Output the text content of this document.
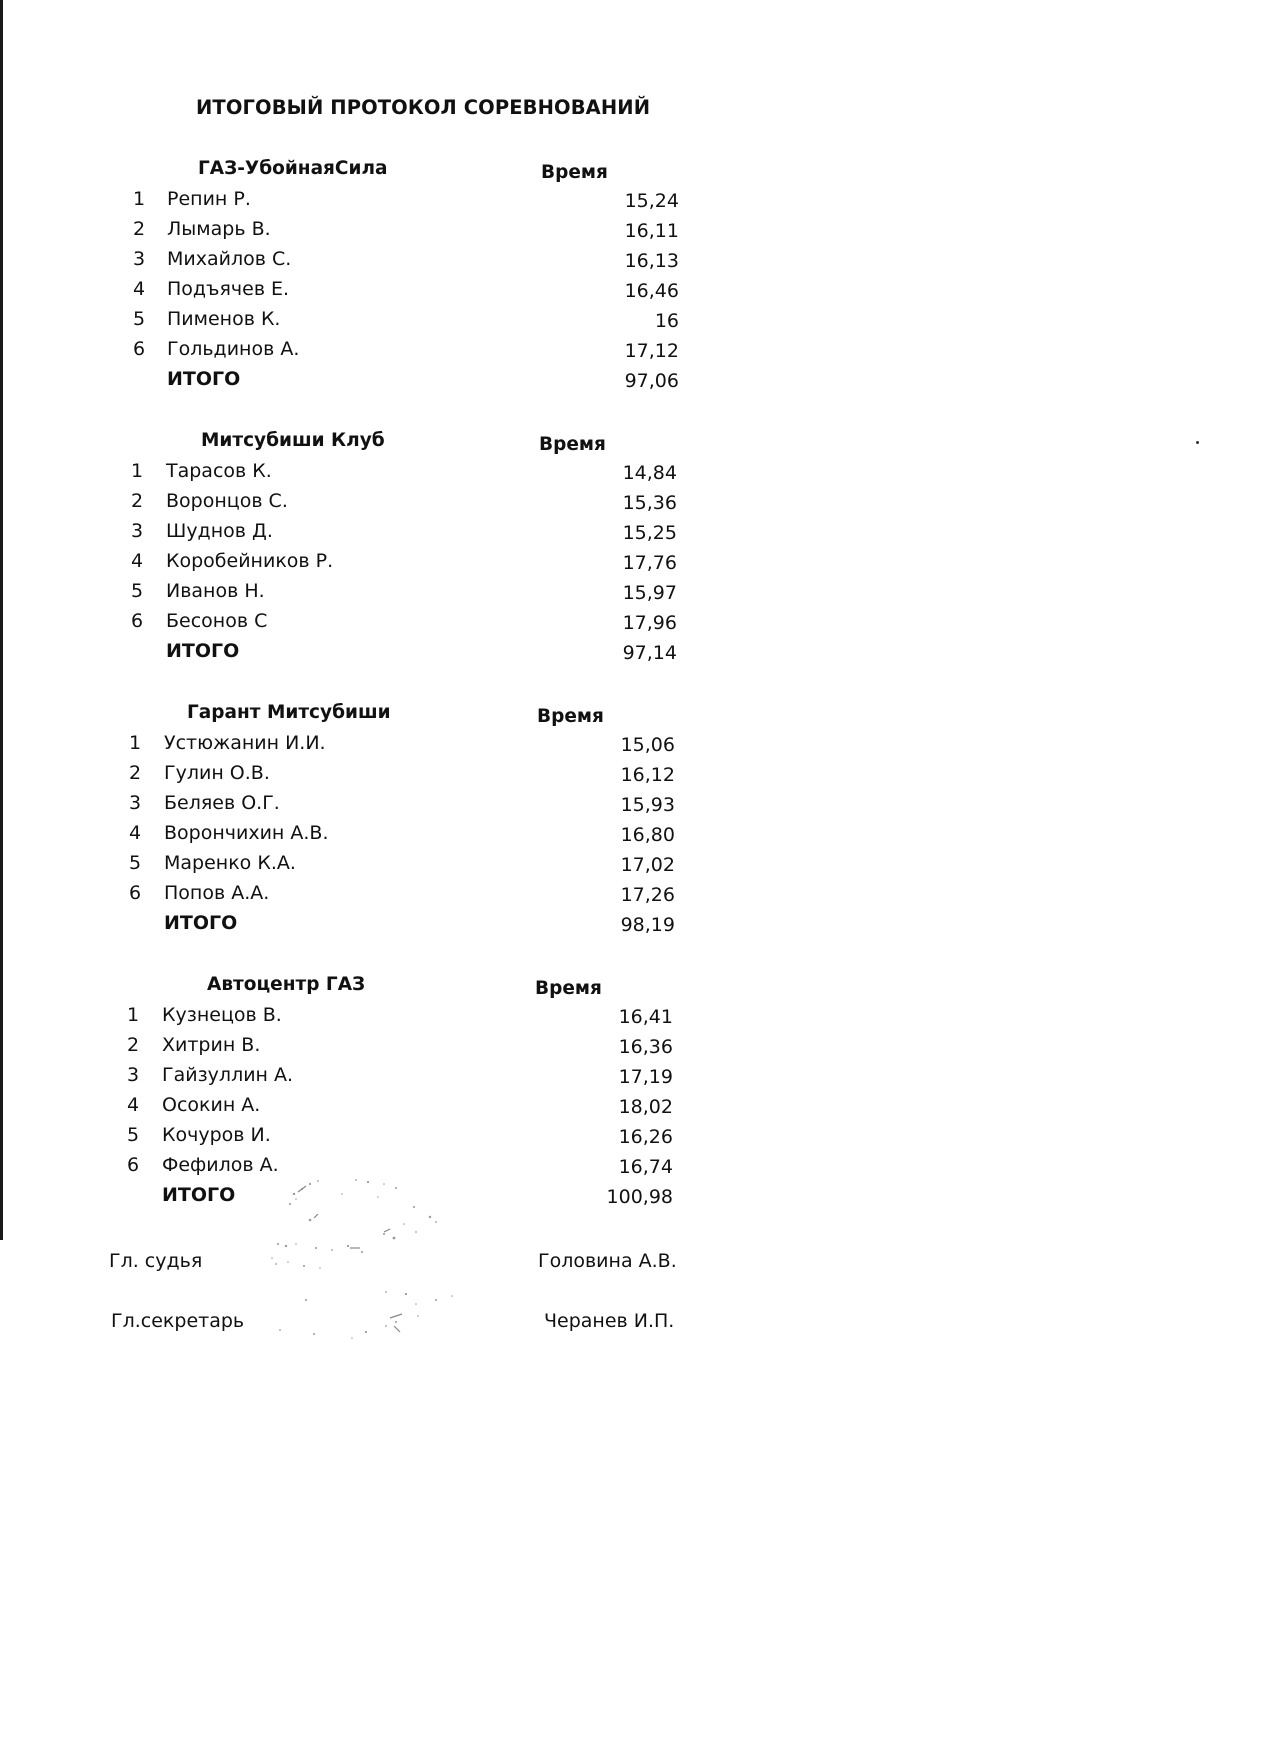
ИТОГОВЫЙ ПРОТОКОЛ СОРЕВНОВАНИЙ
ГАЗ-УбойнаяСила	Время
1 Репин Р.	15,24
2 Лымарь В.	16,11
3 Михайлов С.	16,13
4 Подъячев Е.	16,46
5 Пименов К.	16
6 Гольдинов А.	17,12
ИТОГО	97,06
Митсубиши Клуб	Время
1 Тарасов К.	14,84
2 Воронцов С.	15,36
3 Шуднов Д.	15,25
4 Коробейников Р.	17,76
5 Иванов Н.	15,97
6 Бесонов С	17,96
ИТОГО	97,14
Гарант Митсубиши	Время
1 Устюжанин И.И.	15,06
2 Гулин О.В.	16,12
3 Беляев О.Г.	15,93
4 Ворончихин А.В.	16,80
5 Маренко К.А.	17,02
6 Попов А.А.	17,26
ИТОГО	98,19
Автоцентр ГАЗ	Время
1 Кузнецов В.	16,41
2 Хитрин В.	16,36
3 Гайзуллин А.	17,19
4 Осокин А.	18,02
5 Кочуров И.	16,26
6 Фефилов А.	16,74
ИТОГО	100,98
Гл. судья	Головина А.В.
Гл.секретарь	Черанев И.П.
